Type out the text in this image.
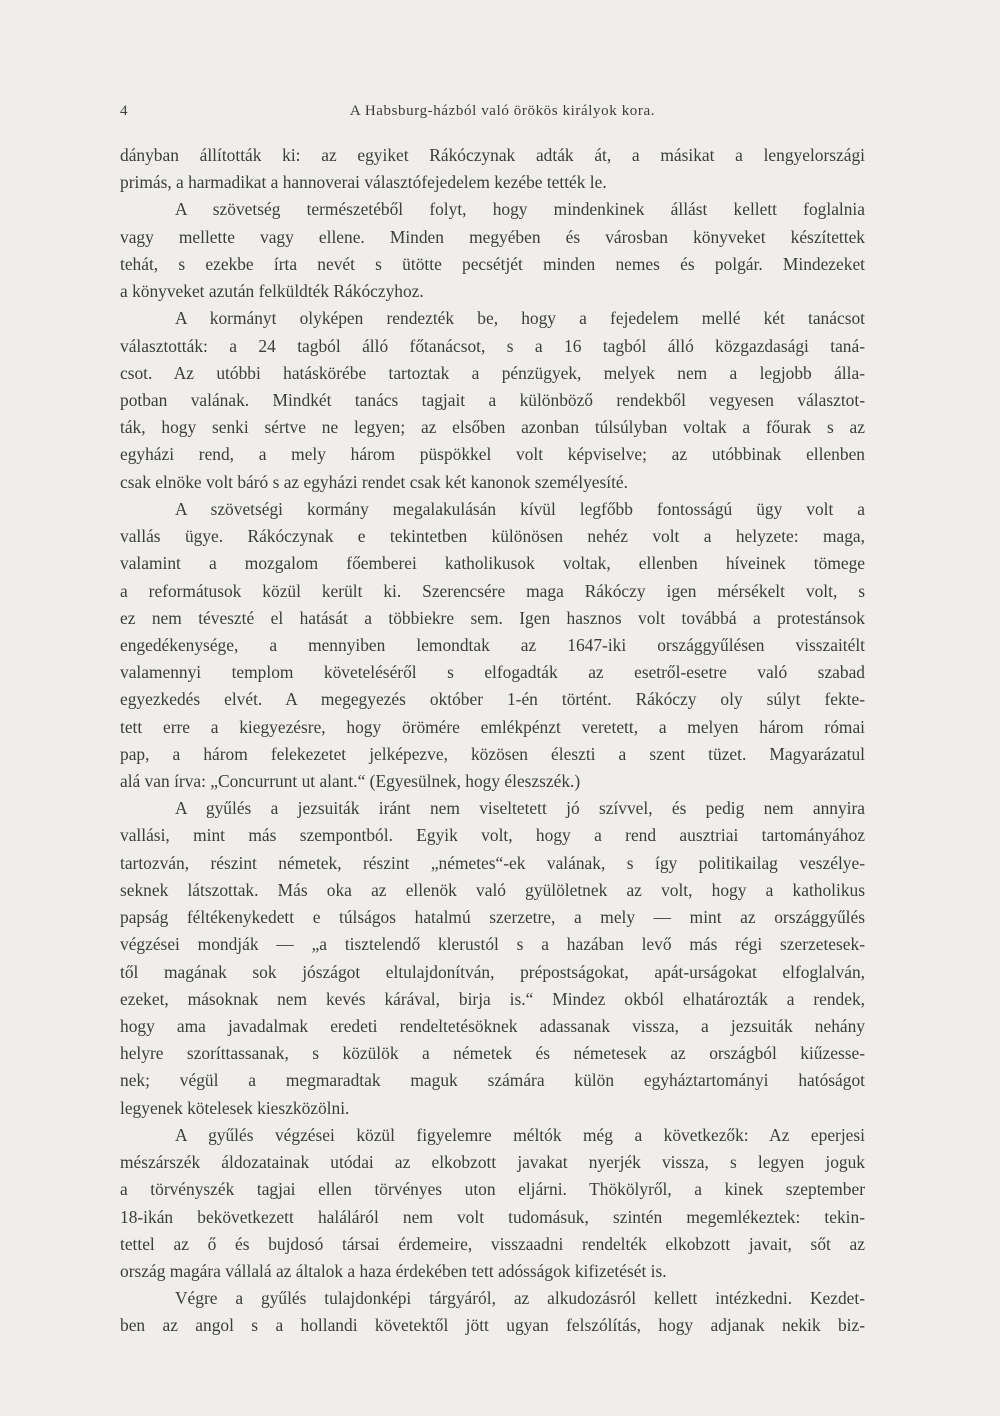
4	A Habsburg-házból való örökös királyok kora.
dányban állították ki: az egyiket Rákóczynak adták át, a másikat a lengyelországi
primás, a harmadikat a hannoverai választófejedelem kezébe tették le.
A szövetség természetéből folyt, hogy mindenkinek állást kellett foglalnia
vagy mellette vagy ellene. Minden megyében és városban könyveket készítettek
tehát, s ezekbe írta nevét s ütötte pecsétjét minden nemes és polgár. Mindezeket
a könyveket azután felküldték Rákóczyhoz.
A kormányt olyképen rendezték be, hogy a fejedelem mellé két tanácsot
választották: a 24 tagból álló főtanácsot, s a 16 tagból álló közgazdasági taná-
csot. Az utóbbi hatáskörébe tartoztak a pénzügyek, melyek nem a legjobb álla-
potban valának. Mindkét tanács tagjait a különböző rendekből vegyesen választot-
ták, hogy senki sértve ne legyen; az elsőben azonban túlsúlyban voltak a főurak s az
egyházi rend, a mely három püspökkel volt képviselve; az utóbbinak ellenben
csak elnöke volt báró s az egyházi rendet csak két kanonok személyesíté.
A szövetségi kormány megalakulásán kívül legfőbb fontosságú ügy volt a
vallás ügye. Rákóczynak e tekintetben különösen nehéz volt a helyzete: maga,
valamint a mozgalom főemberei katholikusok voltak, ellenben híveinek tömege
a reformátusok közül került ki. Szerencsére maga Rákóczy igen mérsékelt volt, s
ez nem téveszté el hatását a többiekre sem. Igen hasznos volt továbbá a protestánsok
engedékenysége, a mennyiben lemondtak az 1647-iki országgyűlésen visszaitélt
valamennyi templom követeléséről s elfogadták az esetről-esetre való szabad
egyezkedés elvét. A megegyezés október 1-én történt. Rákóczy oly súlyt fekte-
tett erre a kiegyezésre, hogy örömére emlékpénzt veretett, a melyen három római
pap, a három felekezetet jelképezve, közösen éleszti a szent tüzet. Magyarázatul
alá van írva: „Concurrunt ut alant.“ (Egyesülnek, hogy éleszszék.)
A gyűlés a jezsuiták iránt nem viseltetett jó szívvel, és pedig nem annyira
vallási, mint más szempontból. Egyik volt, hogy a rend ausztriai tartományához
tartozván, részint németek, részint „németes“-ek valának, s így politikailag veszélye-
seknek látszottak. Más oka az ellenök való gyülöletnek az volt, hogy a katholikus
papság féltékenykedett e túlságos hatalmú szerzetre, a mely — mint az országgyűlés
végzései mondják — „a tisztelendő klerustól s a hazában levő más régi szerzetesek-
től magának sok jószágot eltulajdonítván, prépostságokat, apát-urságokat elfoglalván,
ezeket, másoknak nem kevés kárával, birja is.“ Mindez okból elhatározták a rendek,
hogy ama javadalmak eredeti rendeltetésöknek adassanak vissza, a jezsuiták nehány
helyre szoríttassanak, s közülök a németek és németesek az országból kiűzesse-
nek; végül a megmaradtak maguk számára külön egyháztartományi hatóságot
legyenek kötelesek kieszközölni.
A gyűlés végzései közül figyelemre méltók még a következők: Az eperjesi
mészárszék áldozatainak utódai az elkobzott javakat nyerjék vissza, s legyen joguk
a törvényszék tagjai ellen törvényes uton eljárni. Thökölyről, a kinek szeptember
18-ikán bekövetkezett haláláról nem volt tudomásuk, szintén megemlékeztek: tekin-
tettel az ő és bujdosó társai érdemeire, visszaadni rendelték elkobzott javait, sőt az
ország magára vállalá az általok a haza érdekében tett adósságok kifizetését is.
Végre a gyűlés tulajdonképi tárgyáról, az alkudozásról kellett intézkedni. Kezdet-
ben az angol s a hollandi követektől jött ugyan felszólítás, hogy adjanak nekik biz-
